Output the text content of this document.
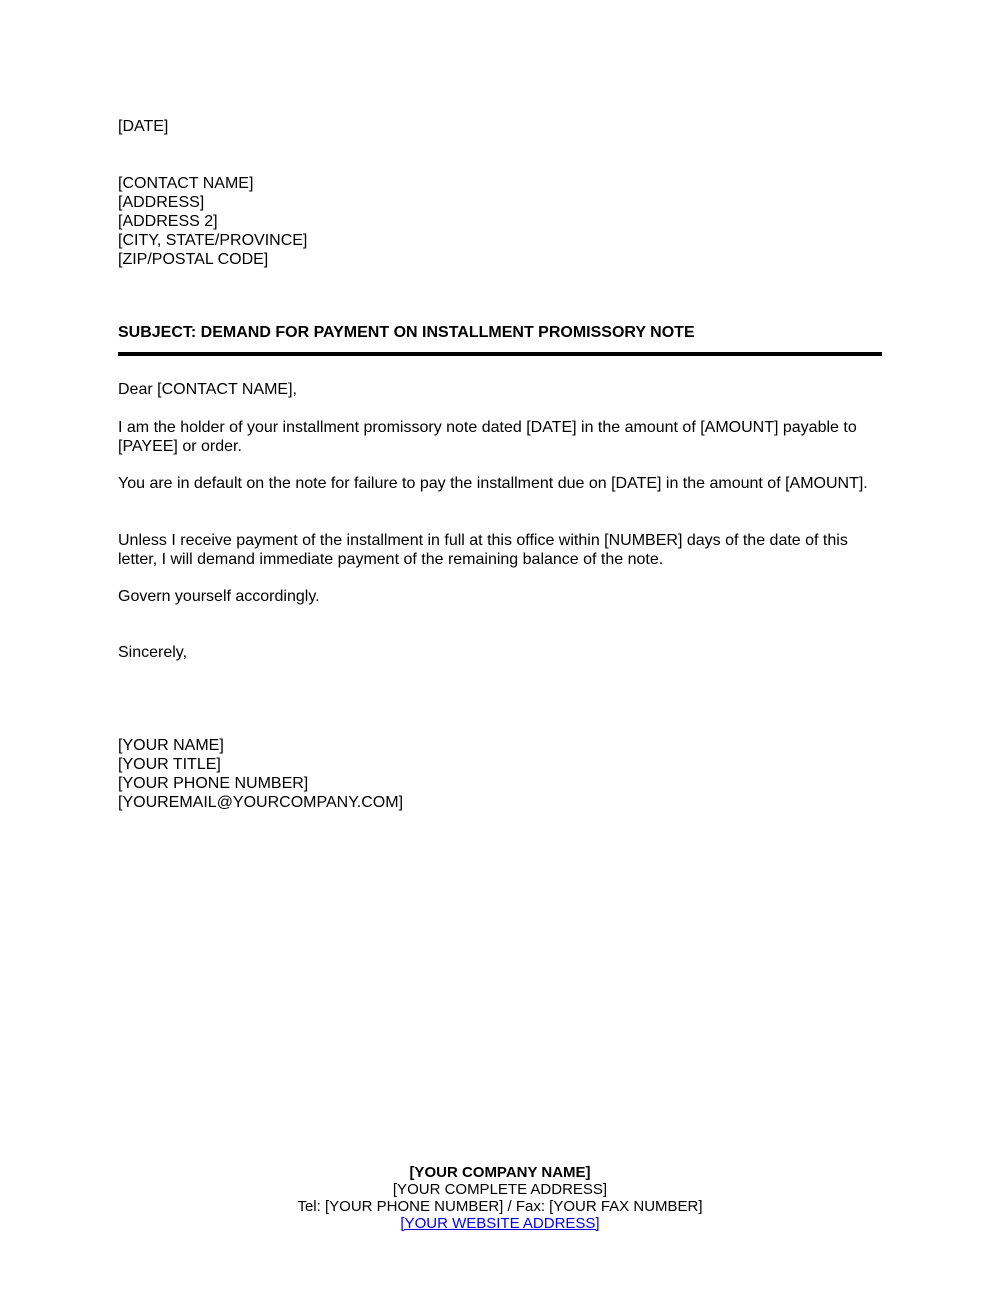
[DATE]
[CONTACT NAME]
[ADDRESS]
[ADDRESS 2]
[CITY, STATE/PROVINCE]
[ZIP/POSTAL CODE]
SUBJECT: DEMAND FOR PAYMENT ON INSTALLMENT PROMISSORY NOTE
Dear [CONTACT NAME],
I am the holder of your installment promissory note dated [DATE] in the amount of [AMOUNT] payable to [PAYEE] or order.
You are in default on the note for failure to pay the installment due on [DATE] in the amount of [AMOUNT].
Unless I receive payment of the installment in full at this office within [NUMBER] days of the date of this letter, I will demand immediate payment of the remaining balance of the note.
Govern yourself accordingly.
Sincerely,
[YOUR NAME]
[YOUR TITLE]
[YOUR PHONE NUMBER]
[YOUREMAIL@YOURCOMPANY.COM]
[YOUR COMPANY NAME]
[YOUR COMPLETE ADDRESS]
Tel: [YOUR PHONE NUMBER] / Fax: [YOUR FAX NUMBER]
[YOUR WEBSITE ADDRESS]
